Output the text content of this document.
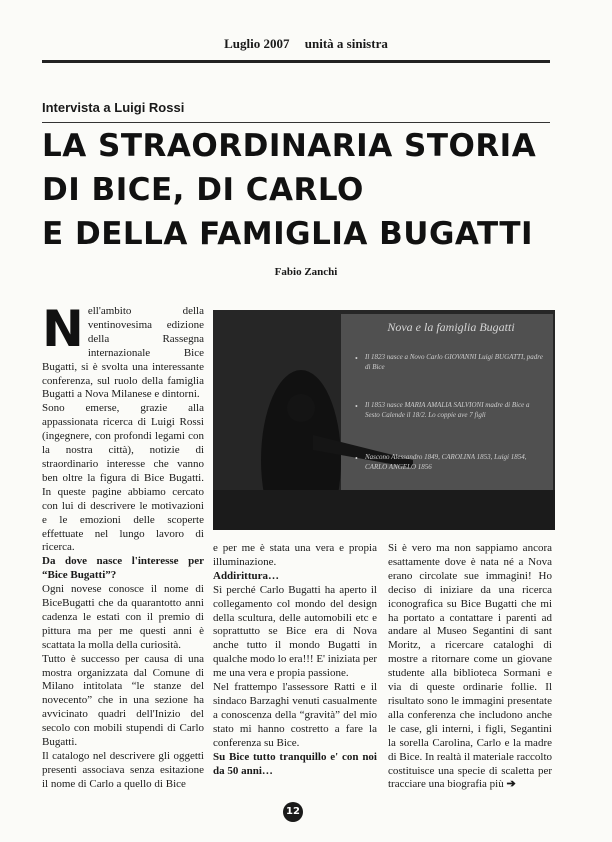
Luglio 2007 unità a sinistra
Intervista a Luigi Rossi
LA STRAORDINARIA STORIA
DI BICE, DI CARLO
E DELLA FAMIGLIA BUGATTI
Fabio Zanchi
N ell'ambito della ventinovesima edizione della Rassegna internazionale Bice Bugatti, si è svolta una interessante conferenza, sul ruolo della famiglia Bugatti a Nova Milanese e dintorni.

Sono emerse, grazie alla appassionata ricerca di Luigi Rossi (ingegnere, con profondi legami con la nostra città), notizie di straordinario interesse che vanno ben oltre la figura di Bice Bugatti. In queste pagine abbiamo cercato con lui di descrivere le motivazioni e le emozioni delle scoperte effettuate nel lungo lavoro di ricerca.

Da dove nasce l'interesse per “Bice Bugatti”?

Ogni novese conosce il nome di BiceBugatti che da quarantotto anni cadenza le estati con il premio di pittura ma per me questi anni è scattata la molla della curiosità.

Tutto è successo per causa di una mostra organizzata dal Comune di Milano intitolata “le stanze del novecento” che in una sezione ha avvicinato quadri dell'Inizio del secolo con mobili stupendi di Carlo Bugatti.

Il catalogo nel descrivere gli oggetti presenti associava senza esitazione il nome di Carlo a quello di Bice

Nova e la famiglia Bugatti
• Il 1823 nasce a Novo Carlo GIOVANNI Luigi BUGATTI, padre di Bice
• Il 1853 nasce MARIA AMALIA SALVIONI madre di Bice a Sesto Calende il 18/2. Lo coppie ave 7 figli
• Nascono Alessandro 1849, CAROLINA 1853, Luigi 1854, CARLO ANGELO 1856

e per me è stata una vera e propia illuminazione.

Addirittura…

Sì perché Carlo Bugatti ha aperto il collegamento col mondo del design della scultura, delle automobili etc e soprattutto se Bice era di Nova anche tutto il mondo Bugatti in qualche modo lo era!!! E' iniziata per me una vera e propia passione.

Nel frattempo l'assessore Ratti e il sindaco Barzaghi venuti casualmente a conoscenza della “gravità” del mio stato mi hanno costretto a fare la conferenza su Bice.

Su Bice tutto tranquillo e' con noi da 50 anni…

Si è vero ma non sappiamo ancora esattamente dove è nata né a Nova erano circolate sue immagini! Ho deciso di iniziare da una ricerca iconografica su Bice Bugatti che mi ha portato a contattare i parenti ad andare al Museo Segantini di sant Moritz, a ricercare cataloghi di mostre a ritornare come un giovane studente alla biblioteca Sormani e via di queste ordinarie follie. Il risultato sono le immagini presentate alla conferenza che includono anche le case, gli interni, i figli, Segantini la sorella Carolina, Carlo e la madre di Bice. In realtà il materiale raccolto costituisce una specie di scaletta per tracciare una biografia più ➔

12
